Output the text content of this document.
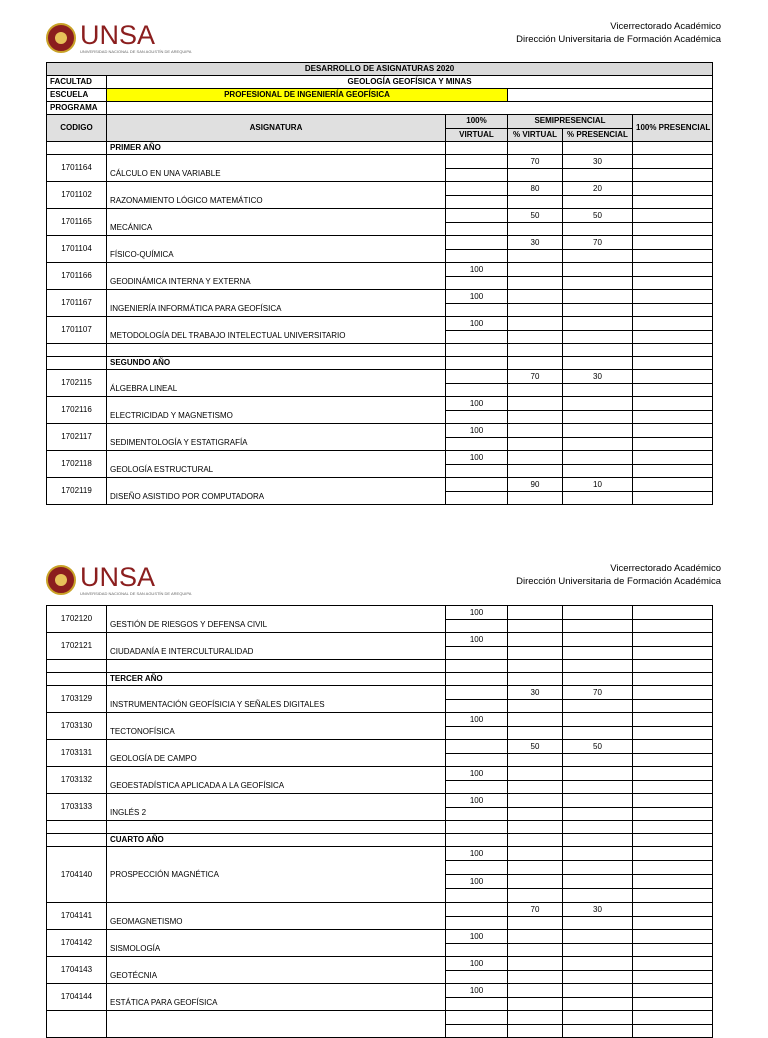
UNSA
UNIVERSIDAD NACIONAL DE SAN AGUSTÍN DE AREQUIPA
Vicerrectorado Académico
Dirección Universitaria de Formación Académica
DESARROLLO DE ASIGNATURAS 2020					
FACULTAD	GEOLOGÍA GEOFÍSICA Y MINAS				
ESCUELA	PROFESIONAL DE INGENIERÍA GEOFÍSICA				
PROGRAMA					
CODIGO	ASIGNATURA	100%	SEMIPRESENCIAL		100% PRESENCIAL
		VIRTUAL	% VIRTUAL	% PRESENCIAL	
	PRIMER AÑO				
1701164	CÁLCULO EN UNA VARIABLE		70	30	

1701102	RAZONAMIENTO LÓGICO MATEMÁTICO		80	20	

1701165	MECÁNICA		50	50	

1701104	FÍSICO-QUÍMICA		30	70	

1701166	GEODINÁMICA INTERNA Y EXTERNA	100			

1701167	INGENIERÍA INFORMÁTICA PARA GEOFÍSICA	100			

1701107	METODOLOGÍA DEL TRABAJO INTELECTUAL UNIVERSITARIO	100			

	SEGUNDO AÑO				
1702115	ÁLGEBRA LINEAL		70	30	

1702116	ELECTRICIDAD Y MAGNETISMO	100			

1702117	SEDIMENTOLOGÍA Y ESTATIGRAFÍA	100			

1702118	GEOLOGÍA ESTRUCTURAL	100			

1702119	DISEÑO ASISTIDO POR COMPUTADORA		90	10	

UNSA
UNIVERSIDAD NACIONAL DE SAN AGUSTÍN DE AREQUIPA
Vicerrectorado Académico
Dirección Universitaria de Formación Académica
1702120	GESTIÓN DE RIESGOS Y DEFENSA CIVIL	100			

1702121	CIUDADANÍA E INTERCULTURALIDAD	100			

	TERCER AÑO				
1703129	INSTRUMENTACIÓN GEOFÍSICIA Y SEÑALES DIGITALES		30	70	

1703130	TECTONOFÍSICA	100			

1703131	GEOLOGÍA DE CAMPO		50	50	

1703132	GEOESTADÍSTICA APLICADA A LA GEOFÍSICA	100			

1703133	INGLÉS 2	100			

	CUARTO AÑO				
1704140	PROSPECCIÓN MAGNÉTICA	100			

		100			

1704141	GEOMAGNETISMO		70	30	

1704142	SISMOLOGÍA	100			

1704143	GEOTÉCNIA	100			

1704144	ESTÁTICA PARA GEOFÍSICA	100			
